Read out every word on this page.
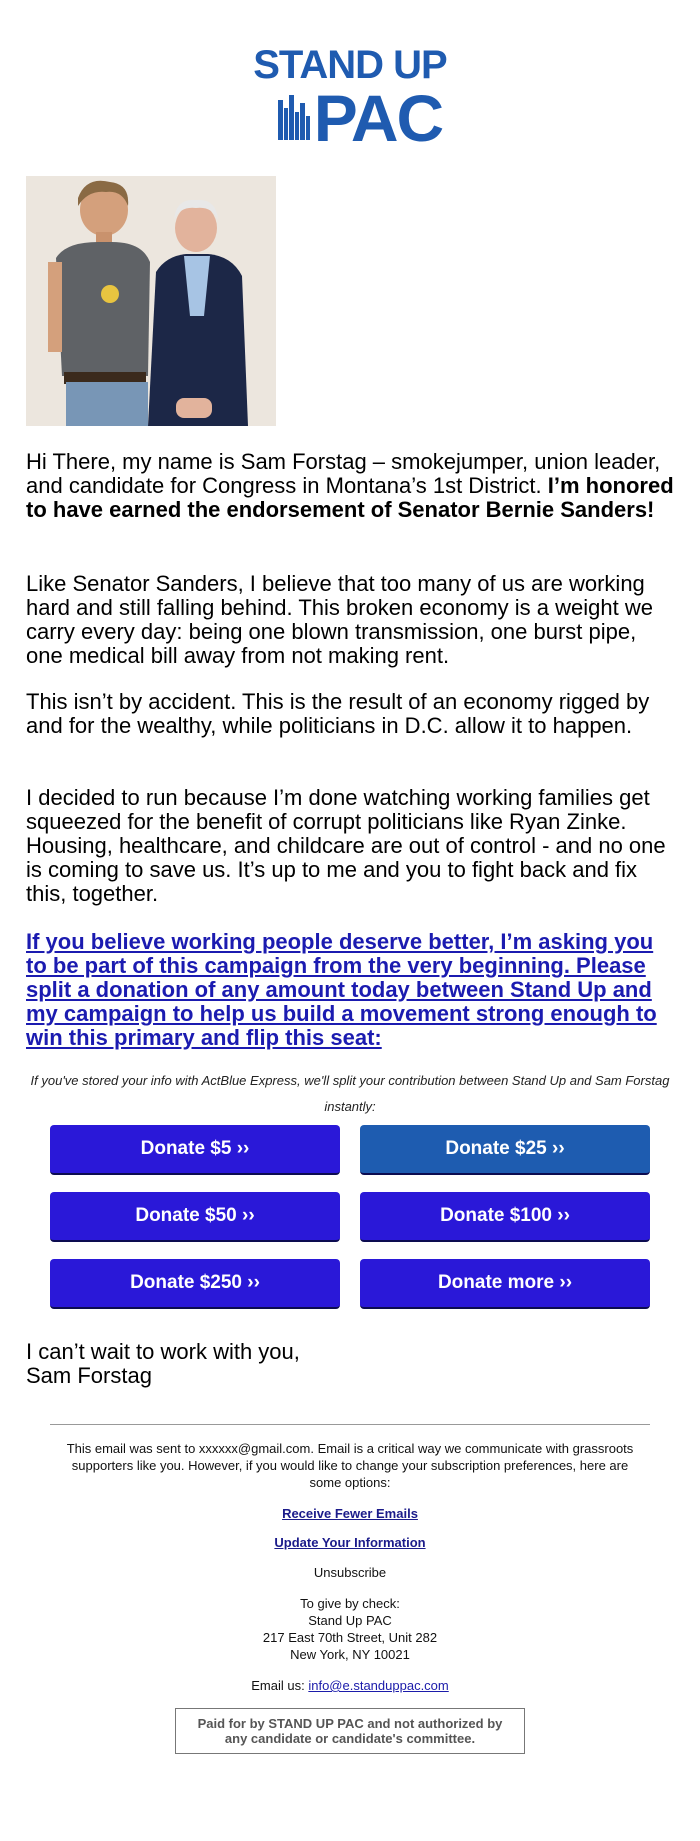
STAND UP
PAC
Hi There, my name is Sam Forstag – smokejumper, union leader, and candidate for Congress in Montana’s 1st District. I’m honored to have earned the endorsement of Senator Bernie Sanders!
Like Senator Sanders, I believe that too many of us are working hard and still falling behind. This broken economy is a weight we carry every day: being one blown transmission, one burst pipe, one medical bill away from not making rent.
This isn’t by accident. This is the result of an economy rigged by and for the wealthy, while politicians in D.C. allow it to happen.
I decided to run because I’m done watching working families get squeezed for the benefit of corrupt politicians like Ryan Zinke. Housing, healthcare, and childcare are out of control - and no one is coming to save us. It’s up to me and you to fight back and fix this, together.
If you believe working people deserve better, I’m asking you to be part of this campaign from the very beginning. Please split a donation of any amount today between Stand Up and my campaign to help us build a movement strong enough to win this primary and flip this seat:
If you've stored your info with ActBlue Express, we'll split your contribution between Stand Up and Sam Forstag instantly:
Donate $5 ››	Donate $25 ››
Donate $50 ››	Donate $100 ››
Donate $250 ››	Donate more ››
I can’t wait to work with you,
Sam Forstag
This email was sent to xxxxxx@gmail.com. Email is a critical way we communicate with grassroots supporters like you. However, if you would like to change your subscription preferences, here are some options:
Receive Fewer Emails
Update Your Information
Unsubscribe
To give by check:
Stand Up PAC
217 East 70th Street, Unit 282
New York, NY 10021
Email us: info@e.standuppac.com
Paid for by STAND UP PAC and not authorized by any candidate or candidate's committee.
